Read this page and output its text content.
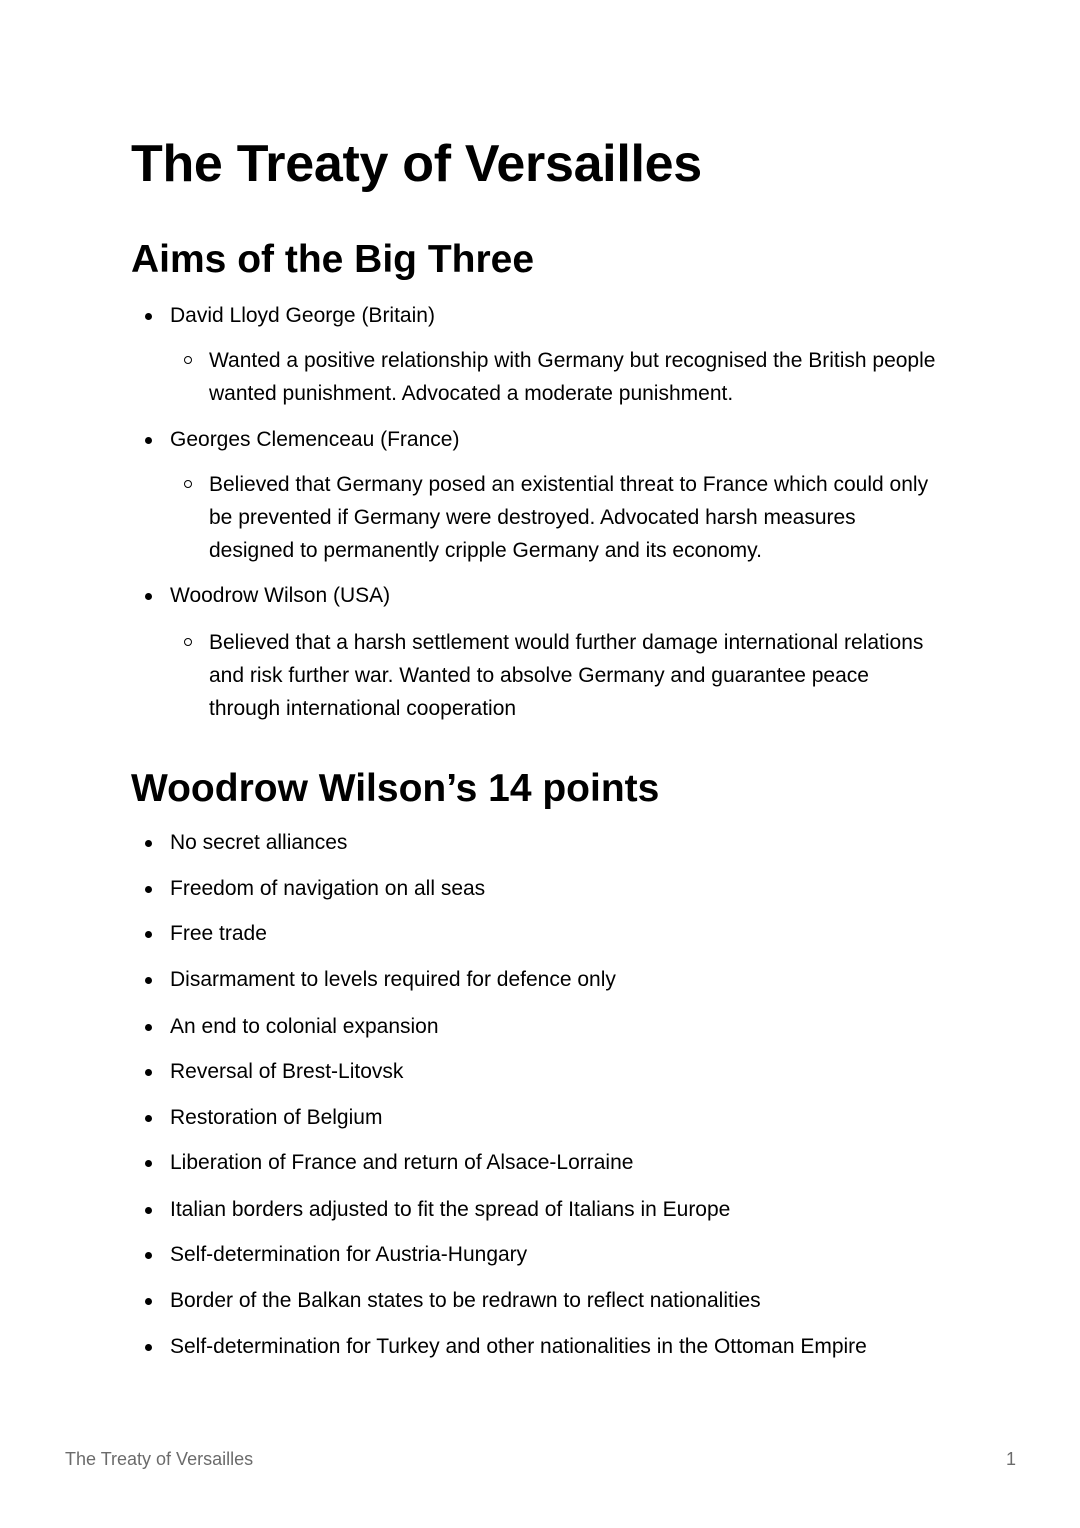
The Treaty of Versailles
Aims of the Big Three
David Lloyd George (Britain)
Wanted a positive relationship with Germany but recognised the British people wanted punishment. Advocated a moderate punishment.
Georges Clemenceau (France)
Believed that Germany posed an existential threat to France which could only be prevented if Germany were destroyed. Advocated harsh measures designed to permanently cripple Germany and its economy.
Woodrow Wilson (USA)
Believed that a harsh settlement would further damage international relations and risk further war. Wanted to absolve Germany and guarantee peace through international cooperation
Woodrow Wilson’s 14 points
No secret alliances
Freedom of navigation on all seas
Free trade
Disarmament to levels required for defence only
An end to colonial expansion
Reversal of Brest-Litovsk
Restoration of Belgium
Liberation of France and return of Alsace-Lorraine
Italian borders adjusted to fit the spread of Italians in Europe
Self-determination for Austria-Hungary
Border of the Balkan states to be redrawn to reflect nationalities
Self-determination for Turkey and other nationalities in the Ottoman Empire
The Treaty of Versailles	1
